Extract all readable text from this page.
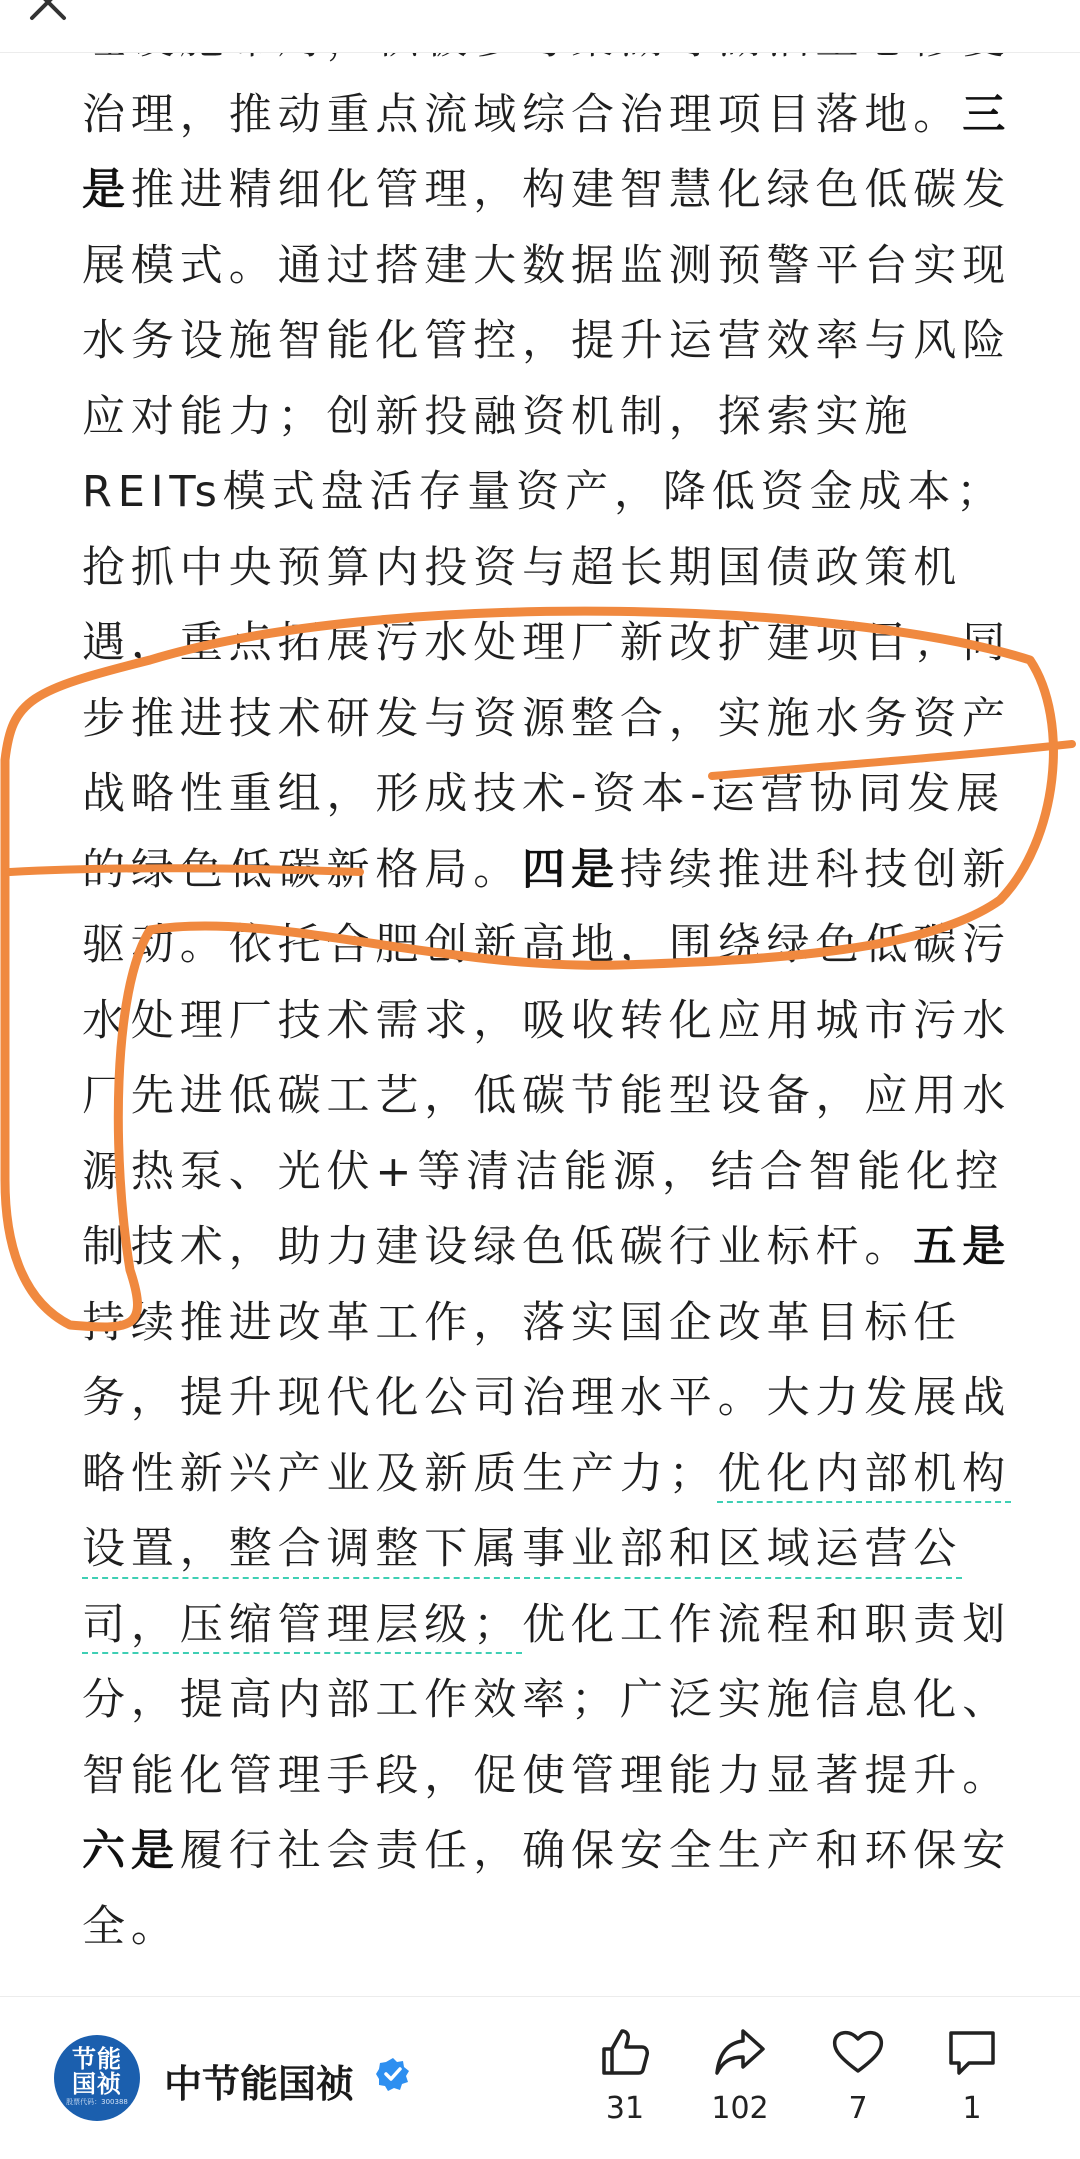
治理，推动重点流域综合治理项目落地。三
是推进精细化管理，构建智慧化绿色低碳发
展模式。通过搭建大数据监测预警平台实现
水务设施智能化管控，提升运营效率与风险
应对能力；创新投融资机制，探索实施
REITs模式盘活存量资产，降低资金成本；
抢抓中央预算内投资与超长期国债政策机
遇，重点拓展污水处理厂新改扩建项目；同
步推进技术研发与资源整合，实施水务资产
战略性重组，形成技术-资本-运营协同发展
的绿色低碳新格局。四是持续推进科技创新
驱动。依托合肥创新高地，围绕绿色低碳污
水处理厂技术需求，吸收转化应用城市污水
厂先进低碳工艺，低碳节能型设备，应用水
源热泵、光伏+等清洁能源，结合智能化控
制技术，助力建设绿色低碳行业标杆。五是
持续推进改革工作，落实国企改革目标任
务，提升现代化公司治理水平。大力发展战
略性新兴产业及新质生产力；优化内部机构
设置，整合调整下属事业部和区域运营公
司，压缩管理层级；优化工作流程和职责划
分，提高内部工作效率；广泛实施信息化、
智能化管理手段，促使管理能力显著提升。
六是履行社会责任，确保安全生产和环保安
全。
节能
国祯
股票代码：300388 中节能国祯
31	102	7	1
